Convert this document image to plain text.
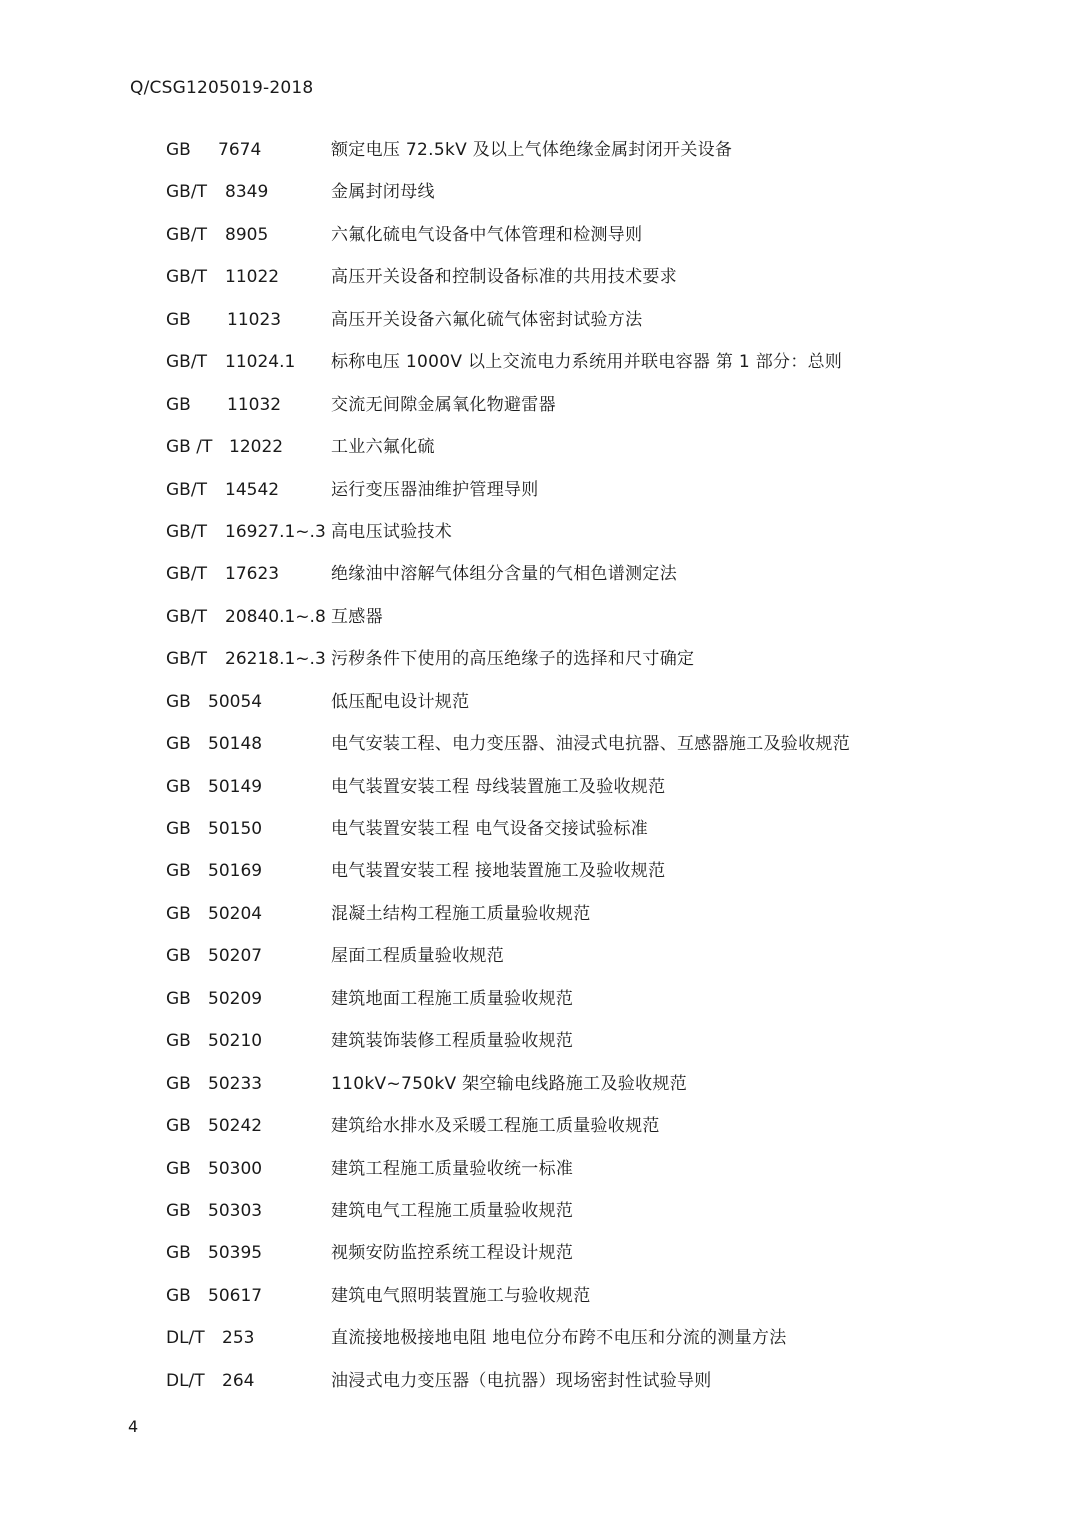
Q/CSG1205019-2018
GB 7674	额定电压 72.5kV 及以上气体绝缘金属封闭开关设备
GB/T 8349	金属封闭母线
GB/T 8905	六氟化硫电气设备中气体管理和检测导则
GB/T 11022	高压开关设备和控制设备标准的共用技术要求
GB 11023	高压开关设备六氟化硫气体密封试验方法
GB/T 11024.1 标称电压 1000V 以上交流电力系统用并联电容器 第 1 部分：总则
GB 11032	交流无间隙金属氧化物避雷器
GB /T 12022	工业六氟化硫
GB/T 14542	运行变压器油维护管理导则
GB/T 16927.1~.3 高电压试验技术
GB/T 17623	绝缘油中溶解气体组分含量的气相色谱测定法
GB/T 20840.1~.8 互感器
GB/T 26218.1~.3 污秽条件下使用的高压绝缘子的选择和尺寸确定
GB 50054	低压配电设计规范
GB 50148	电气安装工程、电力变压器、油浸式电抗器、互感器施工及验收规范
GB 50149	电气装置安装工程 母线装置施工及验收规范
GB 50150	电气装置安装工程 电气设备交接试验标准
GB 50169	电气装置安装工程 接地装置施工及验收规范
GB 50204	混凝土结构工程施工质量验收规范
GB 50207	屋面工程质量验收规范
GB 50209	建筑地面工程施工质量验收规范
GB 50210	建筑装饰装修工程质量验收规范
GB 50233	110kV~750kV 架空输电线路施工及验收规范
GB 50242	建筑给水排水及采暖工程施工质量验收规范
GB 50300	建筑工程施工质量验收统一标准
GB 50303	建筑电气工程施工质量验收规范
GB 50395	视频安防监控系统工程设计规范
GB 50617	建筑电气照明装置施工与验收规范
DL/T 253	直流接地极接地电阻 地电位分布跨不电压和分流的测量方法
DL/T 264	油浸式电力变压器（电抗器）现场密封性试验导则
4
